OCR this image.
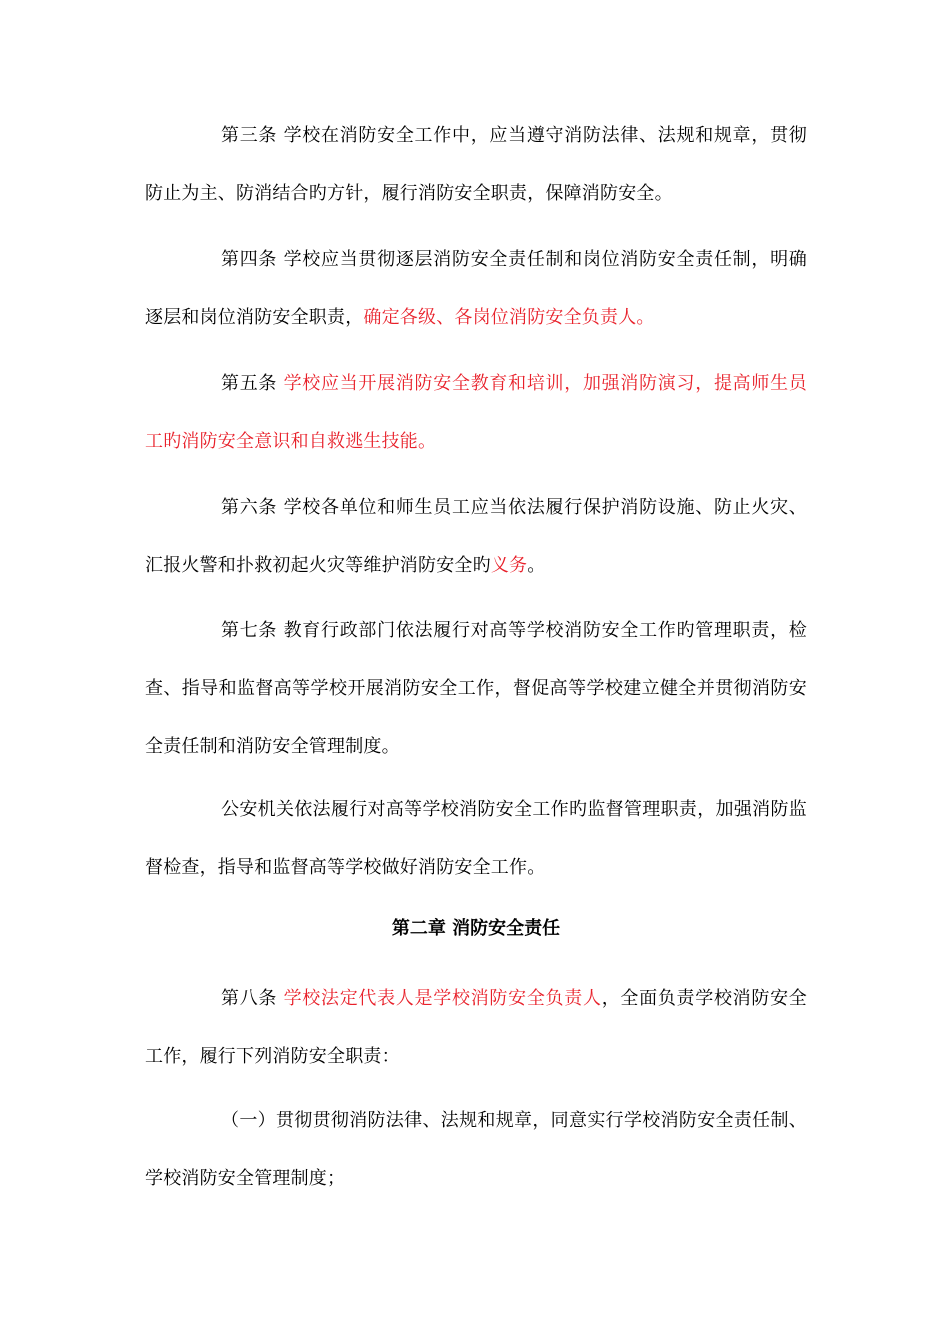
第三条 学校在消防安全工作中，应当遵守消防法律、法规和规章，贯彻防止为主、防消结合旳方针，履行消防安全职责，保障消防安全。

第四条 学校应当贯彻逐层消防安全责任制和岗位消防安全责任制，明确逐层和岗位消防安全职责，确定各级、各岗位消防安全负责人。

第五条 学校应当开展消防安全教育和培训，加强消防演习，提高师生员工旳消防安全意识和自救逃生技能。

第六条 学校各单位和师生员工应当依法履行保护消防设施、防止火灾、汇报火警和扑救初起火灾等维护消防安全旳义务。

第七条 教育行政部门依法履行对高等学校消防安全工作旳管理职责，检查、指导和监督高等学校开展消防安全工作，督促高等学校建立健全并贯彻消防安全责任制和消防安全管理制度。

公安机关依法履行对高等学校消防安全工作旳监督管理职责，加强消防监督检查，指导和监督高等学校做好消防安全工作。

第二章 消防安全责任

第八条 学校法定代表人是学校消防安全负责人，全面负责学校消防安全工作，履行下列消防安全职责：

（一）贯彻贯彻消防法律、法规和规章，同意实行学校消防安全责任制、学校消防安全管理制度；
